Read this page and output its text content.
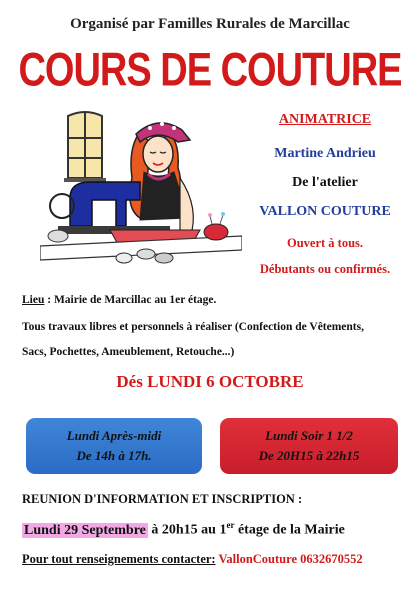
Organisé par Familles Rurales de Marcillac
COURS DE COUTURE
ANIMATRICE
Martine Andrieu
De l'atelier
VALLON COUTURE
Ouvert à tous.
Débutants ou confirmés.
Lieu : Mairie de Marcillac au 1er étage.
Tous travaux libres et personnels à réaliser (Confection de Vêtements,
Sacs, Pochettes, Ameublement, Retouche...)
Dés LUNDI 6 OCTOBRE
Lundi Après-midi
De 14h à 17h.
Lundi Soir 1 1/2
De 20H15 à 22h15
REUNION D'INFORMATION ET INSCRIPTION :
Lundi 29 Septembre à 20h15 au 1er étage de la Mairie
Pour tout renseignements contacter: VallonCouture 0632670552
